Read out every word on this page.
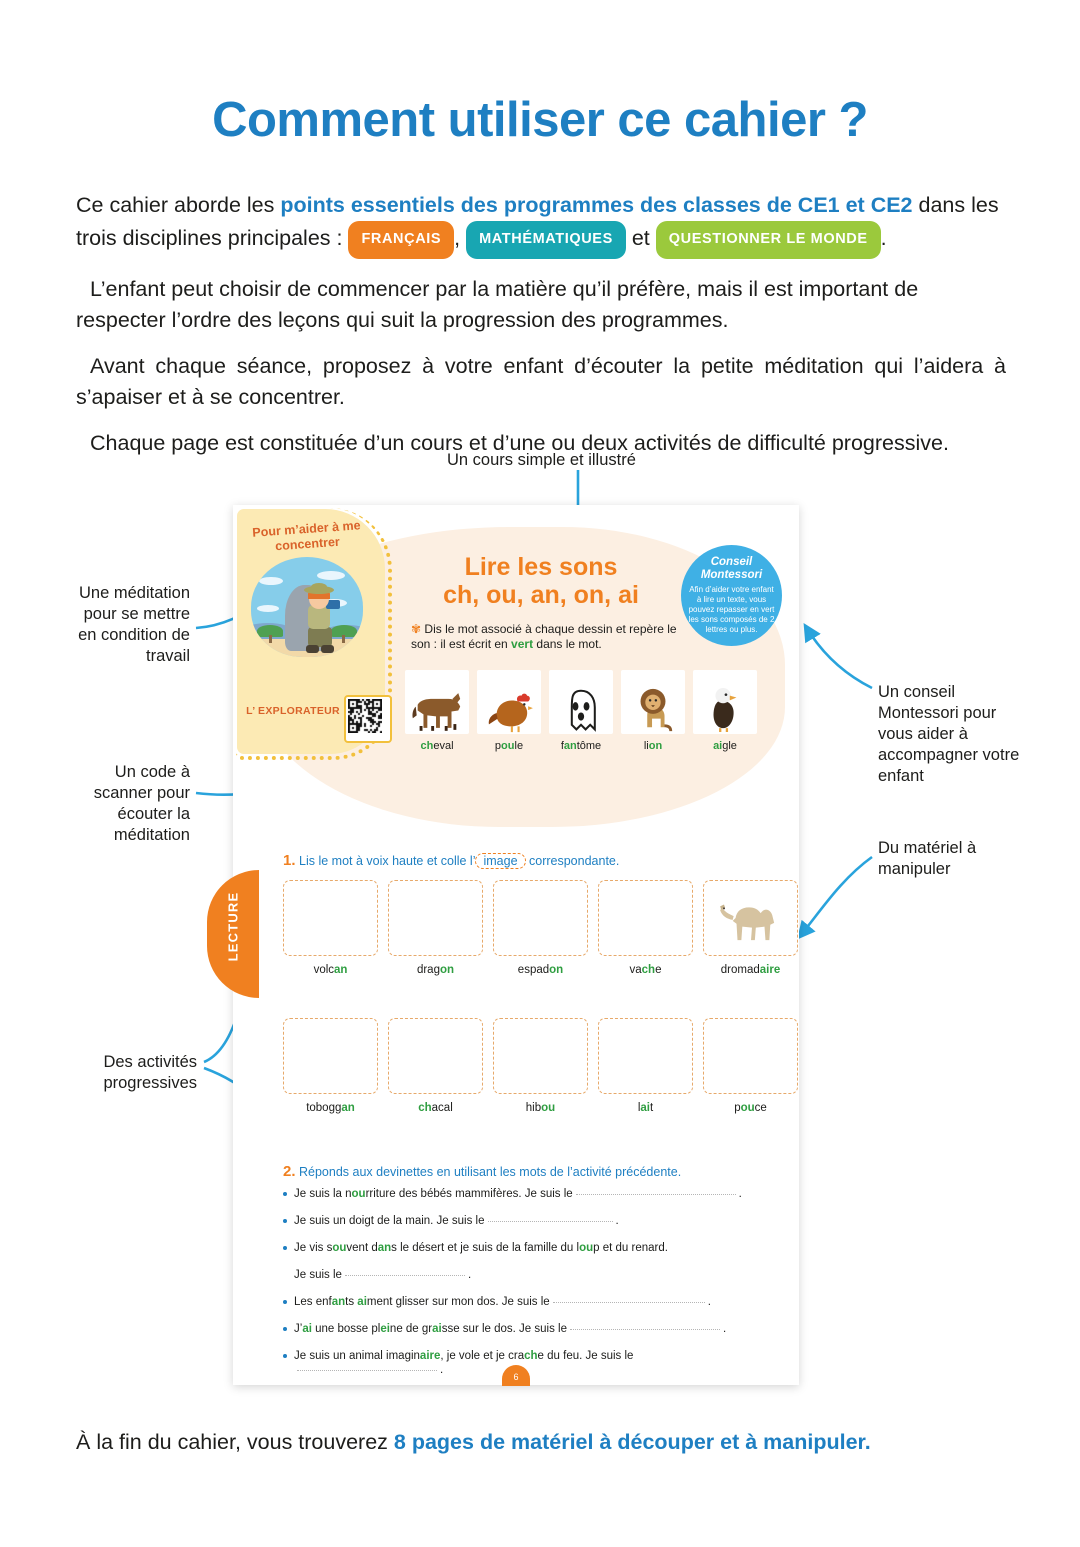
Comment utiliser ce cahier ?

Ce cahier aborde les points essentiels des programmes des classes de CE1 et CE2 dans les trois disciplines principales : FRANÇAIS , MATHÉMATIQUES et QUESTIONNER LE MONDE .

L’enfant peut choisir de commencer par la matière qu’il préfère, mais il est important de respecter l’ordre des leçons qui suit la progression des programmes.

Avant chaque séance, proposez à votre enfant d’écouter la petite méditation qui l’aidera à s’apaiser et à se concentrer.

Chaque page est constituée d’un cours et d’une ou deux activités de difficulté progressive.

Un cours simple et illustré
Une méditation pour se mettre en condition de travail
Un code à scanner pour écouter la méditation
Des activités progressives
Un conseil Montessori pour vous aider à accompagner votre enfant
Du matériel à manipuler
Pour m’aider à me concentrer
L’ EXPLORATEUR
Lire les sons
ch, ou, an, on, ai
✾ Dis le mot associé à chaque dessin et repère le son : il est écrit en vert dans le mot.
Conseil
Montessori
Afin d’aider votre enfant à lire un texte, vous pouvez repasser en vert les sons composés de 2 lettres ou plus.
cheval	poule	fantôme	lion	aigle
LECTURE
1. Lis le mot à voix haute et colle l’ image correspondante.
volcan	dragon	espadon	vache	dromadaire
toboggan	chacal	hibou	lait	pouce
2. Réponds aux devinettes en utilisant les mots de l’activité précédente.
Je suis la nourriture des bébés mammifères. Je suis le	.
Je suis un doigt de la main. Je suis le	.
Je vis souvent dans le désert et je suis de la famille du loup et du renard.
Je suis le	.
Les enfants aiment glisser sur mon dos. Je suis le	.
J’ai une bosse pleine de graisse sur le dos. Je suis le	.
Je suis un animal imaginaire, je vole et je crache du feu. Je suis le.
6
À la fin du cahier, vous trouverez 8 pages de matériel à découper et à manipuler.
